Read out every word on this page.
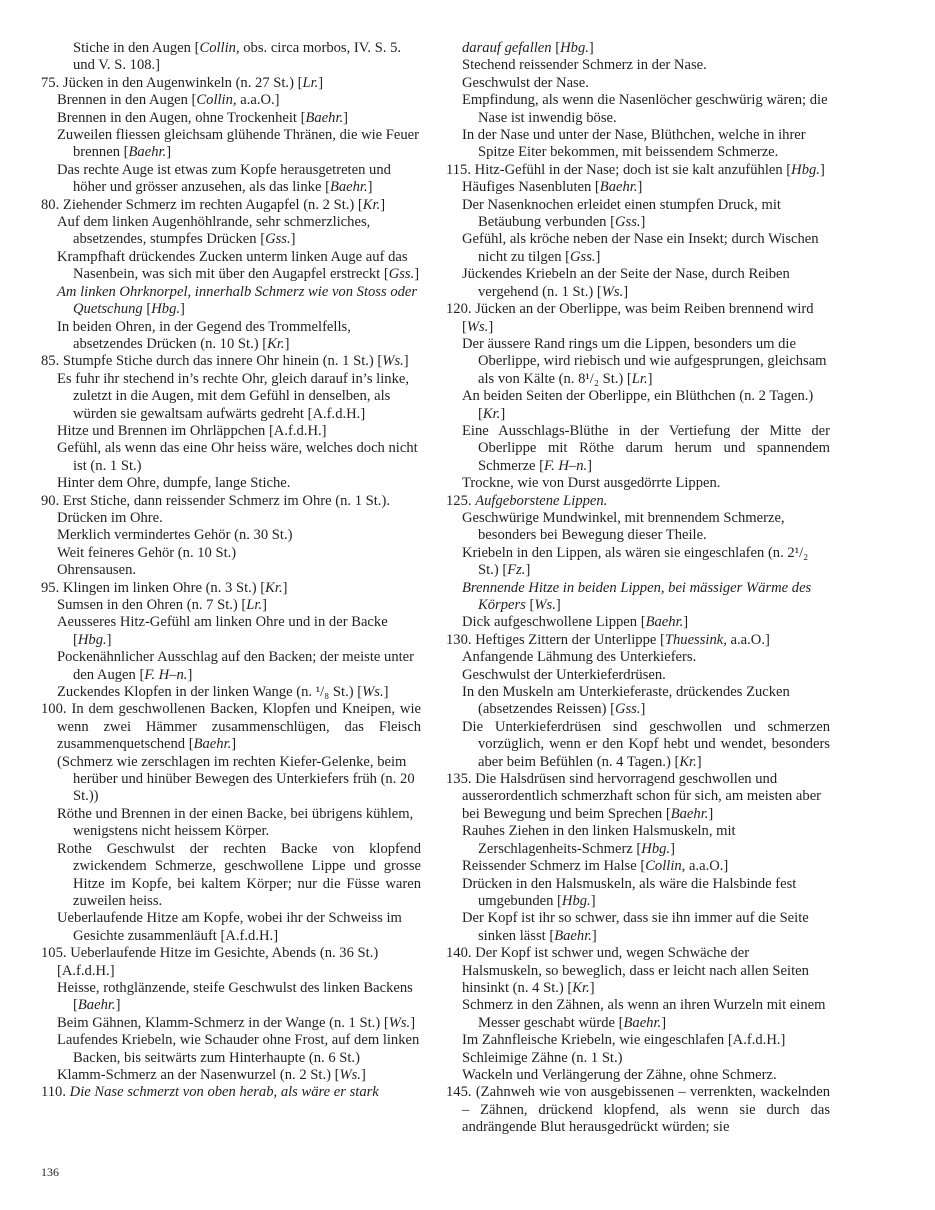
Stiche in den Augen [Collin, obs. circa morbos, IV. S. 5. und V. S. 108.]
75. Jücken in den Augenwinkeln (n. 27 St.) [Lr.]
Brennen in den Augen [Collin, a.a.O.]
Brennen in den Augen, ohne Trockenheit [Baehr.]
Zuweilen fliessen gleichsam glühende Thränen, die wie Feuer brennen [Baehr.]
Das rechte Auge ist etwas zum Kopfe herausgetreten und höher und grösser anzusehen, als das linke [Baehr.]
80. Ziehender Schmerz im rechten Augapfel (n. 2 St.) [Kr.]
Auf dem linken Augenhöhlrande, sehr schmerzliches, absetzendes, stumpfes Drücken [Gss.]
Krampfhaft drückendes Zucken unterm linken Auge auf das Nasenbein, was sich mit über den Augapfel erstreckt [Gss.]
Am linken Ohrknorpel, innerhalb Schmerz wie von Stoss oder Quetschung [Hbg.]
In beiden Ohren, in der Gegend des Trommelfells, absetzendes Drücken (n. 10 St.) [Kr.]
85. Stumpfe Stiche durch das innere Ohr hinein (n. 1 St.) [Ws.]
Es fuhr ihr stechend in’s rechte Ohr, gleich darauf in’s linke, zuletzt in die Augen, mit dem Gefühl in denselben, als würden sie gewaltsam aufwärts gedreht [A.f.d.H.]
Hitze und Brennen im Ohrläppchen [A.f.d.H.]
Gefühl, als wenn das eine Ohr heiss wäre, welches doch nicht ist (n. 1 St.)
Hinter dem Ohre, dumpfe, lange Stiche.
90. Erst Stiche, dann reissender Schmerz im Ohre (n. 1 St.).
Drücken im Ohre.
Merklich vermindertes Gehör (n. 30 St.)
Weit feineres Gehör (n. 10 St.)
Ohrensausen.
95. Klingen im linken Ohre (n. 3 St.) [Kr.]
Sumsen in den Ohren (n. 7 St.) [Lr.]
Aeusseres Hitz-Gefühl am linken Ohre und in der Backe [Hbg.]
Pockenähnlicher Ausschlag auf den Backen; der meiste unter den Augen [F. H–n.]
Zuckendes Klopfen in der linken Wange (n. ¹/₈ St.) [Ws.]
100. In dem geschwollenen Backen, Klopfen und Kneipen, wie wenn zwei Hämmer zusammenschlügen, das Fleisch zusammenquetschend [Baehr.]
(Schmerz wie zerschlagen im rechten Kiefer-Gelenke, beim herüber und hinüber Bewegen des Unterkiefers früh (n. 20 St.))
Röthe und Brennen in der einen Backe, bei übrigens kühlem, wenigstens nicht heissem Körper.
Rothe Geschwulst der rechten Backe von klopfend zwickendem Schmerze, geschwollene Lippe und grosse Hitze im Kopfe, bei kaltem Körper; nur die Füsse waren zuweilen heiss.
Ueberlaufende Hitze am Kopfe, wobei ihr der Schweiss im Gesichte zusammenläuft [A.f.d.H.]
105. Ueberlaufende Hitze im Gesichte, Abends (n. 36 St.) [A.f.d.H.]
Heisse, rothglänzende, steife Geschwulst des linken Backens [Baehr.]
Beim Gähnen, Klamm-Schmerz in der Wange (n. 1 St.) [Ws.]
Laufendes Kriebeln, wie Schauder ohne Frost, auf dem linken Backen, bis seitwärts zum Hinterhaupte (n. 6 St.)
Klamm-Schmerz an der Nasenwurzel (n. 2 St.) [Ws.]
110. Die Nase schmerzt von oben herab, als wäre er stark
darauf gefallen [Hbg.]
Stechend reissender Schmerz in der Nase.
Geschwulst der Nase.
Empfindung, als wenn die Nasenlöcher geschwürig wären; die Nase ist inwendig böse.
In der Nase und unter der Nase, Blüthchen, welche in ihrer Spitze Eiter bekommen, mit beissendem Schmerze.
115. Hitz-Gefühl in der Nase; doch ist sie kalt anzufühlen [Hbg.]
Häufiges Nasenbluten [Baehr.]
Der Nasenknochen erleidet einen stumpfen Druck, mit Betäubung verbunden [Gss.]
Gefühl, als kröche neben der Nase ein Insekt; durch Wischen nicht zu tilgen [Gss.]
Jückendes Kriebeln an der Seite der Nase, durch Reiben vergehend (n. 1 St.) [Ws.]
120. Jücken an der Oberlippe, was beim Reiben brennend wird [Ws.]
Der äussere Rand rings um die Lippen, besonders um die Oberlippe, wird riebisch und wie aufgesprungen, gleichsam als von Kälte (n. 8¹/₂ St.) [Lr.]
An beiden Seiten der Oberlippe, ein Blüthchen (n. 2 Tagen.) [Kr.]
Eine Ausschlags-Blüthe in der Vertiefung der Mitte der Oberlippe mit Röthe darum herum und spannendem Schmerze [F. H–n.]
Trockne, wie von Durst ausgedörrte Lippen.
125. Aufgeborstene Lippen.
Geschwürige Mundwinkel, mit brennendem Schmerze, besonders bei Bewegung dieser Theile.
Kriebeln in den Lippen, als wären sie eingeschlafen (n. 2¹/₂ St.) [Fz.]
Brennende Hitze in beiden Lippen, bei mässiger Wärme des Körpers [Ws.]
Dick aufgeschwollene Lippen [Baehr.]
130. Heftiges Zittern der Unterlippe [Thuessink, a.a.O.]
Anfangende Lähmung des Unterkiefers.
Geschwulst der Unterkieferdrüsen.
In den Muskeln am Unterkieferaste, drückendes Zucken (absetzendes Reissen) [Gss.]
Die Unterkieferdrüsen sind geschwollen und schmerzen vorzüglich, wenn er den Kopf hebt und wendet, besonders aber beim Befühlen (n. 4 Tagen.) [Kr.]
135. Die Halsdrüsen sind hervorragend geschwollen und ausserordentlich schmerzhaft schon für sich, am meisten aber bei Bewegung und beim Sprechen [Baehr.]
Rauhes Ziehen in den linken Halsmuskeln, mit Zerschlagenheits-Schmerz [Hbg.]
Reissender Schmerz im Halse [Collin, a.a.O.]
Drücken in den Halsmuskeln, als wäre die Halsbinde fest umgebunden [Hbg.]
Der Kopf ist ihr so schwer, dass sie ihn immer auf die Seite sinken lässt [Baehr.]
140. Der Kopf ist schwer und, wegen Schwäche der Halsmuskeln, so beweglich, dass er leicht nach allen Seiten hinsinkt (n. 4 St.) [Kr.]
Schmerz in den Zähnen, als wenn an ihren Wurzeln mit einem Messer geschabt würde [Baehr.]
Im Zahnfleische Kriebeln, wie eingeschlafen [A.f.d.H.]
Schleimige Zähne (n. 1 St.)
Wackeln und Verlängerung der Zähne, ohne Schmerz.
145. (Zahnweh wie von ausgebissenen – verrenkten, wackelnden – Zähnen, drückend klopfend, als wenn sie durch das andrängende Blut herausgedrückt würden; sie
136
